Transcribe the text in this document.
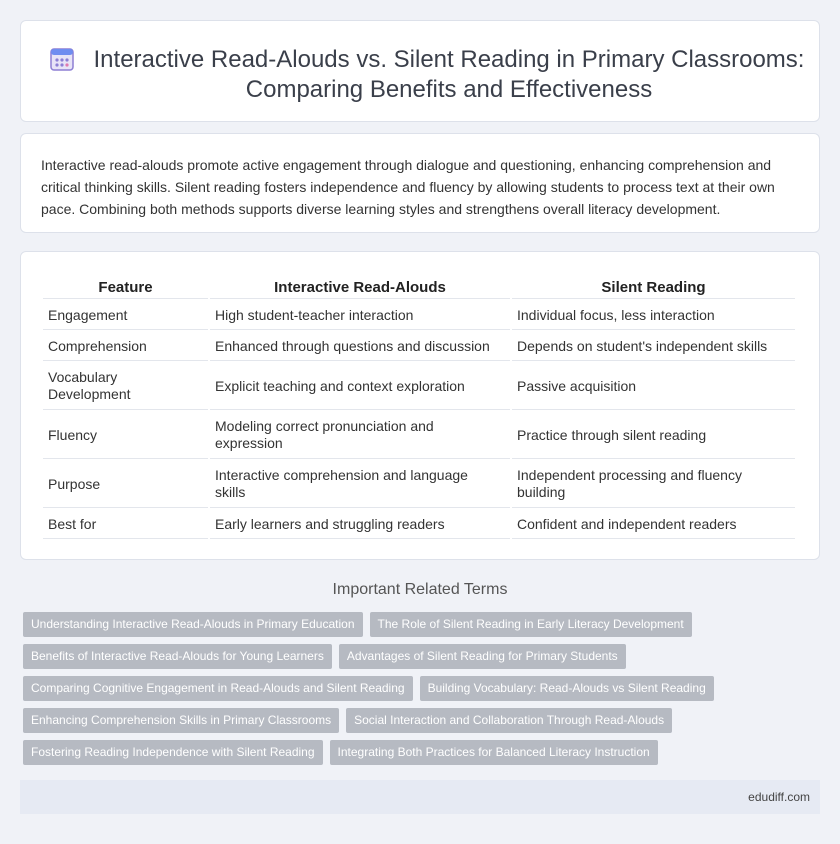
Interactive Read-Alouds vs. Silent Reading in Primary Classrooms: Comparing Benefits and Effectiveness

Interactive read-alouds promote active engagement through dialogue and questioning, enhancing comprehension and critical thinking skills. Silent reading fosters independence and fluency by allowing students to process text at their own pace. Combining both methods supports diverse learning styles and strengthens overall literacy development.

Feature	Interactive Read-Alouds	Silent Reading
Engagement	High student-teacher interaction	Individual focus, less interaction
Comprehension	Enhanced through questions and discussion	Depends on student's independent skills
Vocabulary Development	Explicit teaching and context exploration	Passive acquisition
Fluency	Modeling correct pronunciation and expression	Practice through silent reading
Purpose	Interactive comprehension and language skills	Independent processing and fluency building
Best for	Early learners and struggling readers	Confident and independent readers
Important Related Terms
Understanding Interactive Read-Alouds in Primary Education	The Role of Silent Reading in Early Literacy Development
Benefits of Interactive Read-Alouds for Young Learners	Advantages of Silent Reading for Primary Students
Comparing Cognitive Engagement in Read-Alouds and Silent Reading	Building Vocabulary: Read-Alouds vs Silent Reading
Enhancing Comprehension Skills in Primary Classrooms	Social Interaction and Collaboration Through Read-Alouds
Fostering Reading Independence with Silent Reading	Integrating Both Practices for Balanced Literacy Instruction
edudiff.com
